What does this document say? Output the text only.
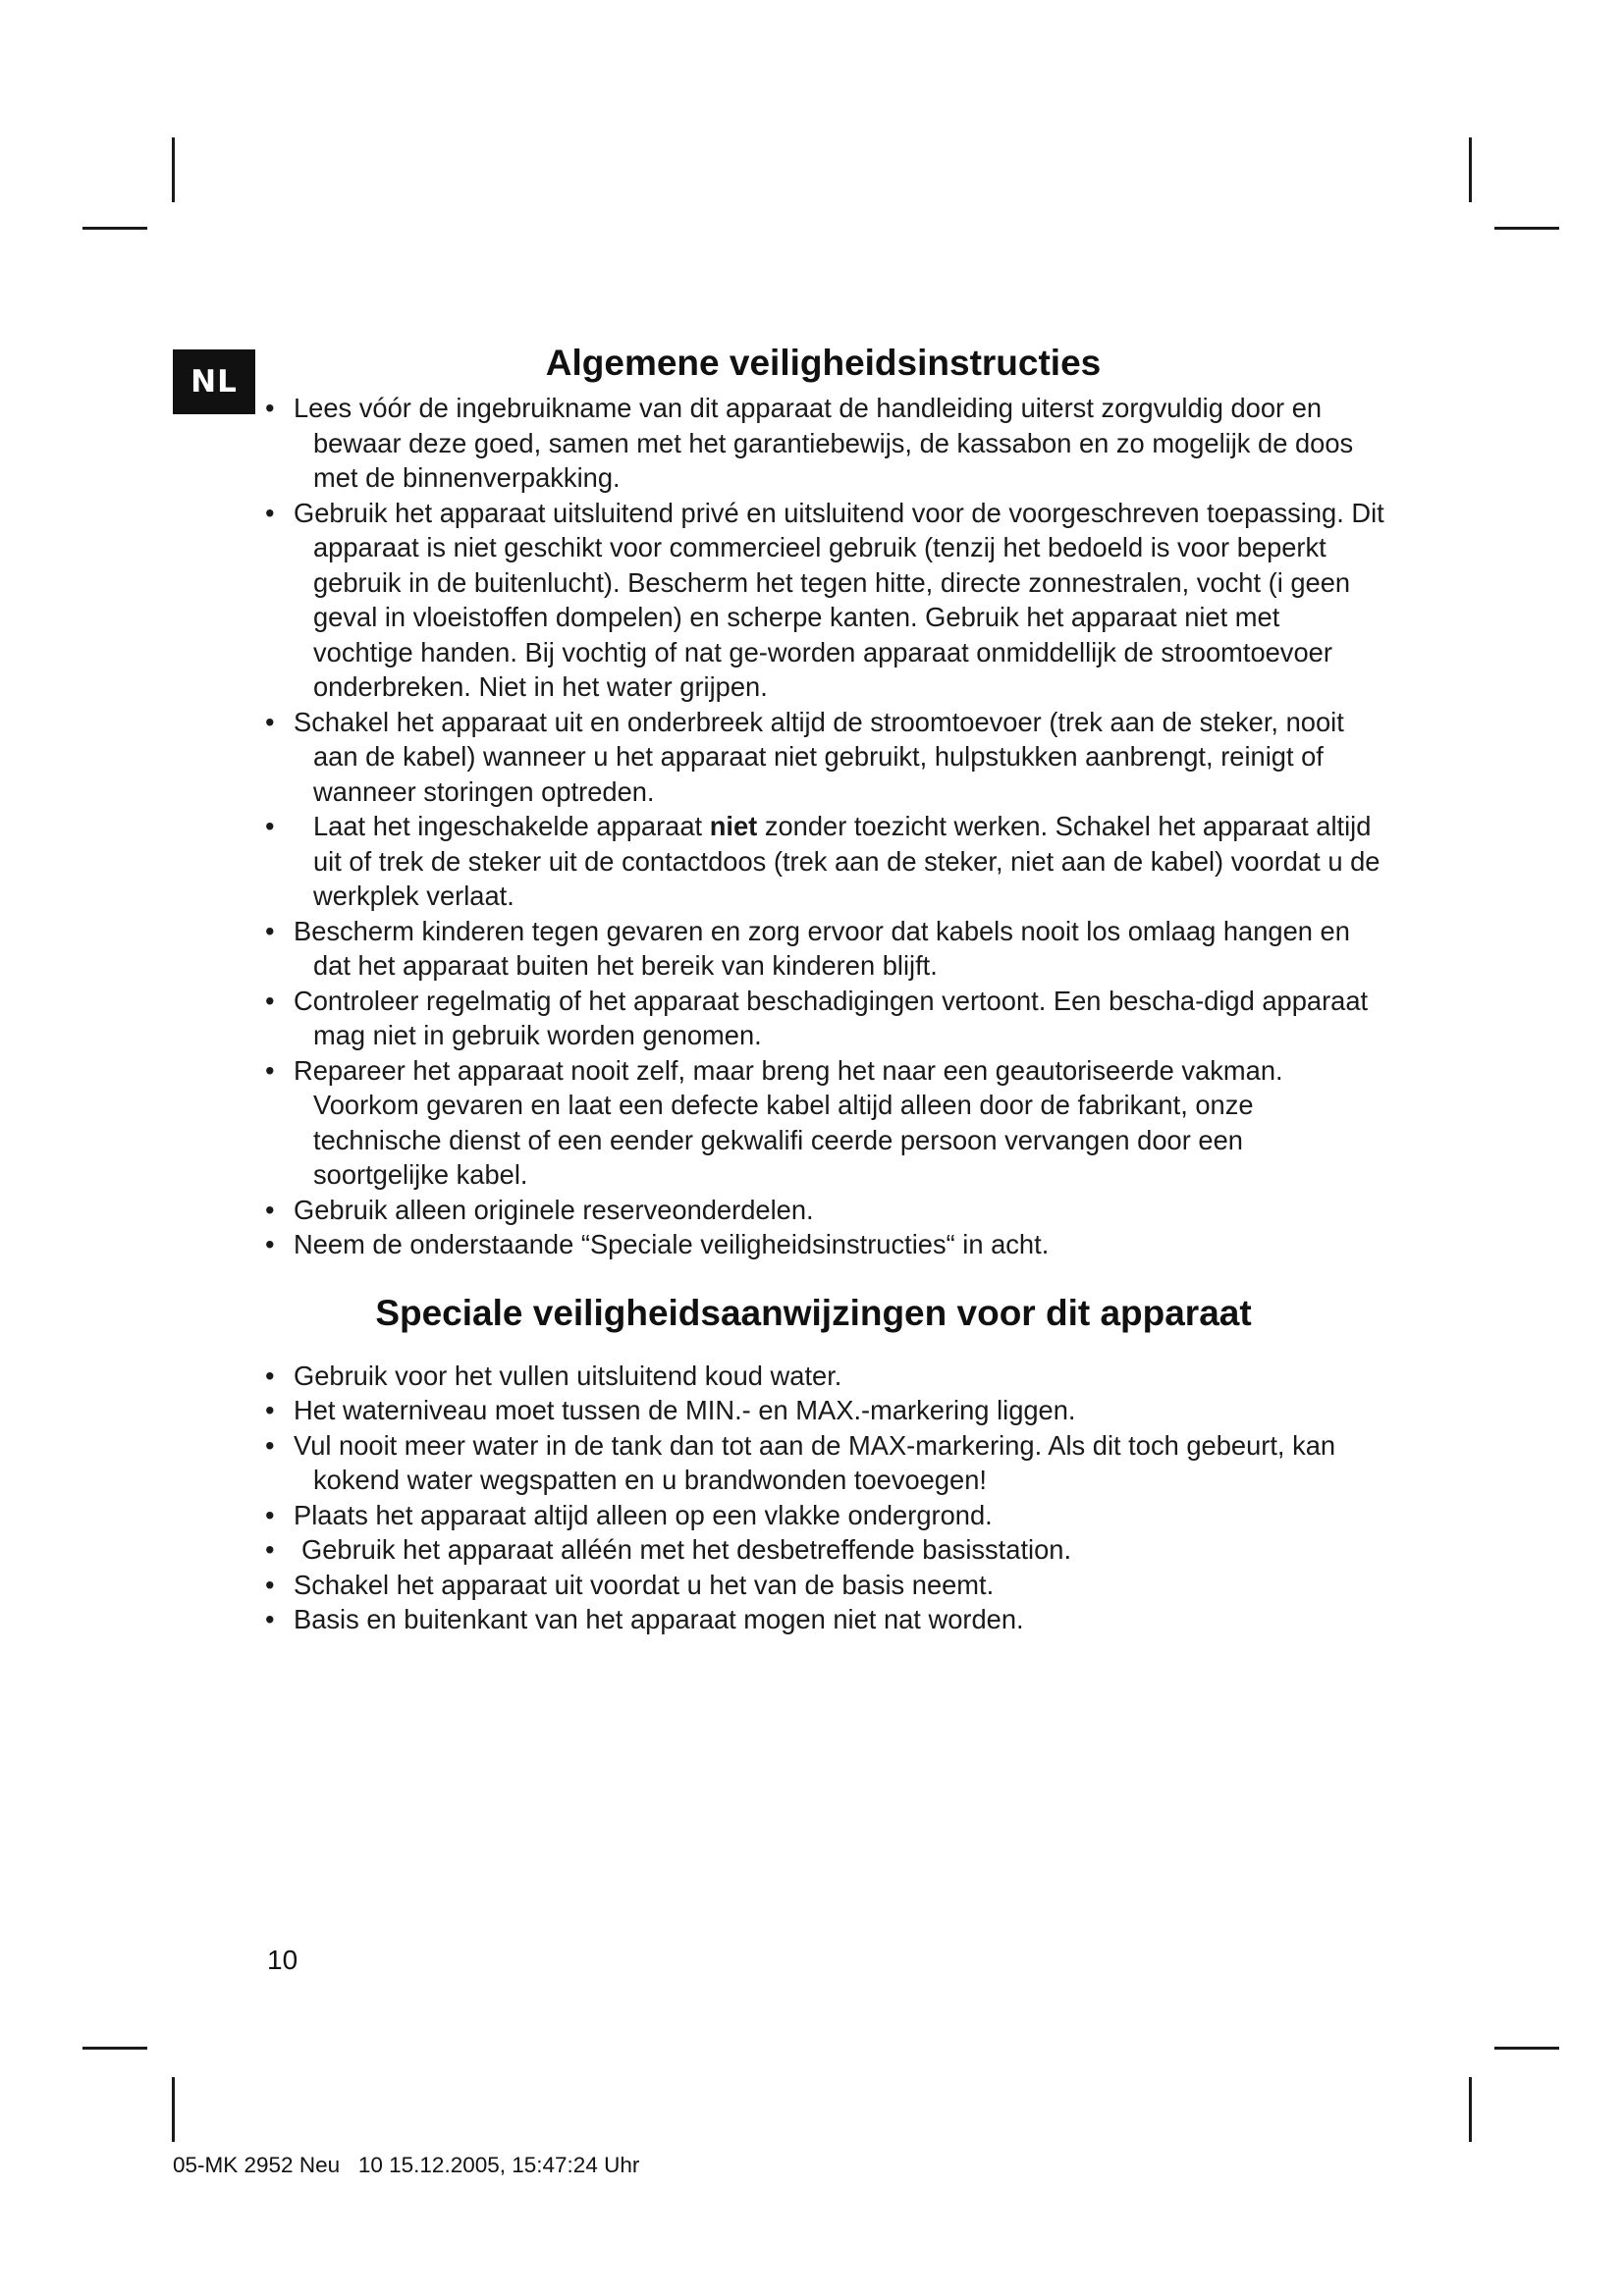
NL	Algemene veiligheidsinstructies
• Lees vóór de ingebruikname van dit apparaat de handleiding uiterst zorgvuldig door en bewaar deze goed, samen met het garantiebewijs, de kassabon en zo mogelijk de doos met de binnenverpakking.
• Gebruik het apparaat uitsluitend privé en uitsluitend voor de voorgeschreven toepassing. Dit apparaat is niet geschikt voor commercieel gebruik (tenzij het bedoeld is voor beperkt gebruik in de buitenlucht). Bescherm het tegen hitte, directe zonnestralen, vocht (i geen geval in vloeistoffen dompelen) en scherpe kanten. Gebruik het apparaat niet met vochtige handen. Bij vochtig of nat ge-worden apparaat onmiddellijk de stroomtoevoer onderbreken. Niet in het water grijpen.
• Schakel het apparaat uit en onderbreek altijd de stroomtoevoer (trek aan de steker, nooit aan de kabel) wanneer u het apparaat niet gebruikt, hulpstukken aanbrengt, reinigt of wanneer storingen optreden.
• Laat het ingeschakelde apparaat niet zonder toezicht werken. Schakel het apparaat altijd uit of trek de steker uit de contactdoos (trek aan de steker, niet aan de kabel) voordat u de werkplek verlaat.
• Bescherm kinderen tegen gevaren en zorg ervoor dat kabels nooit los omlaag hangen en dat het apparaat buiten het bereik van kinderen blijft.
• Controleer regelmatig of het apparaat beschadigingen vertoont. Een bescha-digd apparaat mag niet in gebruik worden genomen.
• Repareer het apparaat nooit zelf, maar breng het naar een geautoriseerde vakman. Voorkom gevaren en laat een defecte kabel altijd alleen door de fabrikant, onze technische dienst of een eender gekwalifi ceerde persoon vervangen door een soortgelijke kabel.
• Gebruik alleen originele reserveonderdelen.
• Neem de onderstaande “Speciale veiligheidsinstructies“ in acht.
Speciale veiligheidsaanwijzingen voor dit apparaat
• Gebruik voor het vullen uitsluitend koud water.
• Het waterniveau moet tussen de MIN.- en MAX.-markering liggen.
• Vul nooit meer water in de tank dan tot aan de MAX-markering. Als dit toch gebeurt, kan kokend water wegspatten en u brandwonden toevoegen!
• Plaats het apparaat altijd alleen op een vlakke ondergrond.
• Gebruik het apparaat alléén met het desbetreffende basisstation.
• Schakel het apparaat uit voordat u het van de basis neemt.
• Basis en buitenkant van het apparaat mogen niet nat worden.
10
05-MK 2952 Neu   10 15.12.2005, 15:47:24 Uhr
